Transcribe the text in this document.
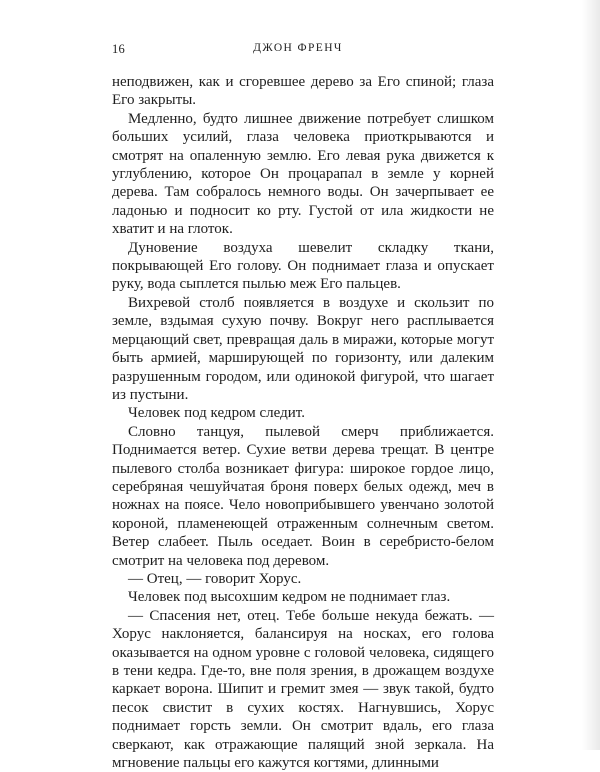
16	ДЖОН ФРЕНЧ

неподвижен, как и сгоревшее дерево за Его спиной; глаза Его закрыты.

Медленно, будто лишнее движение потребует слишком больших усилий, глаза человека приоткрываются и смотрят на опаленную землю. Его левая рука движется к углублению, которое Он процарапал в земле у корней дерева. Там собралось немного воды. Он зачерпывает ее ладонью и подносит ко рту. Густой от ила жидкости не хватит и на глоток.

Дуновение воздуха шевелит складку ткани, покрывающей Его голову. Он поднимает глаза и опускает руку, вода сыплется пылью меж Его пальцев.

Вихревой столб появляется в воздухе и скользит по земле, вздымая сухую почву. Вокруг него расплывается мерцающий свет, превращая даль в миражи, которые могут быть армией, марширующей по горизонту, или далеким разрушенным городом, или одинокой фигурой, что шагает из пустыни.

Человек под кедром следит.

Словно танцуя, пылевой смерч приближается. Поднимается ветер. Сухие ветви дерева трещат. В центре пылевого столба возникает фигура: широкое гордое лицо, серебряная чешуйчатая броня поверх белых одежд, меч в ножнах на поясе. Чело новоприбывшего увенчано золотой короной, пламенеющей отраженным солнечным светом. Ветер слабеет. Пыль оседает. Воин в серебристо-белом смотрит на человека под деревом.

— Отец, — говорит Хорус.

Человек под высохшим кедром не поднимает глаз.

— Спасения нет, отец. Тебе больше некуда бежать. — Хорус наклоняется, балансируя на носках, его голова оказывается на одном уровне с головой человека, сидящего в тени кедра. Где-то, вне поля зрения, в дрожащем воздухе каркает ворона. Шипит и гремит змея — звук такой, будто песок свистит в сухих костях. Нагнувшись, Хорус поднимает горсть земли. Он смотрит вдаль, его глаза сверкают, как отражающие палящий зной зеркала. На мгновение пальцы его кажутся когтями, длинными
